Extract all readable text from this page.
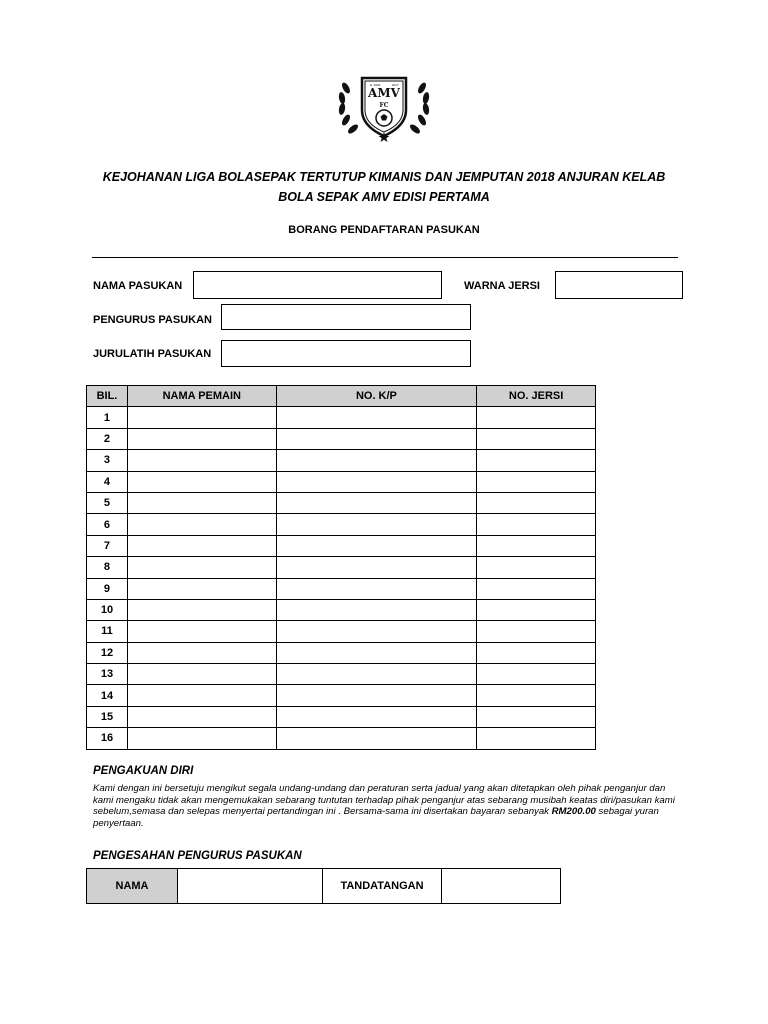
AMV
FC
E. 2003	2017
KEJOHANAN LIGA BOLASEPAK TERTUTUP KIMANIS DAN JEMPUTAN 2018 ANJURAN KELAB
BOLA SEPAK AMV EDISI PERTAMA
BORANG PENDAFTARAN PASUKAN
NAMA PASUKAN	WARNA JERSI
PENGURUS PASUKAN
JURULATIH PASUKAN
BIL.	NAMA PEMAIN	NO. K/P	NO. JERSI
1			
2			
3			
4			
5			
6			
7			
8			
9			
10			
11			
12			
13			
14			
15			
16			
PENGAKUAN DIRI
Kami dengan ini bersetuju mengikut segala undang-undang dan peraturan serta jadual yang akan ditetapkan oleh pihak penganjur dan kami mengaku tidak akan mengemukakan sebarang tuntutan terhadap pihak penganjur atas sebarang musibah keatas diri/pasukan kami sebelum,semasa dan selepas menyertai pertandingan ini . Bersama-sama ini disertakan bayaran sebanyak RM200.00 sebagai yuran penyertaan.
PENGESAHAN PENGURUS PASUKAN
NAMA		TANDATANGAN	
